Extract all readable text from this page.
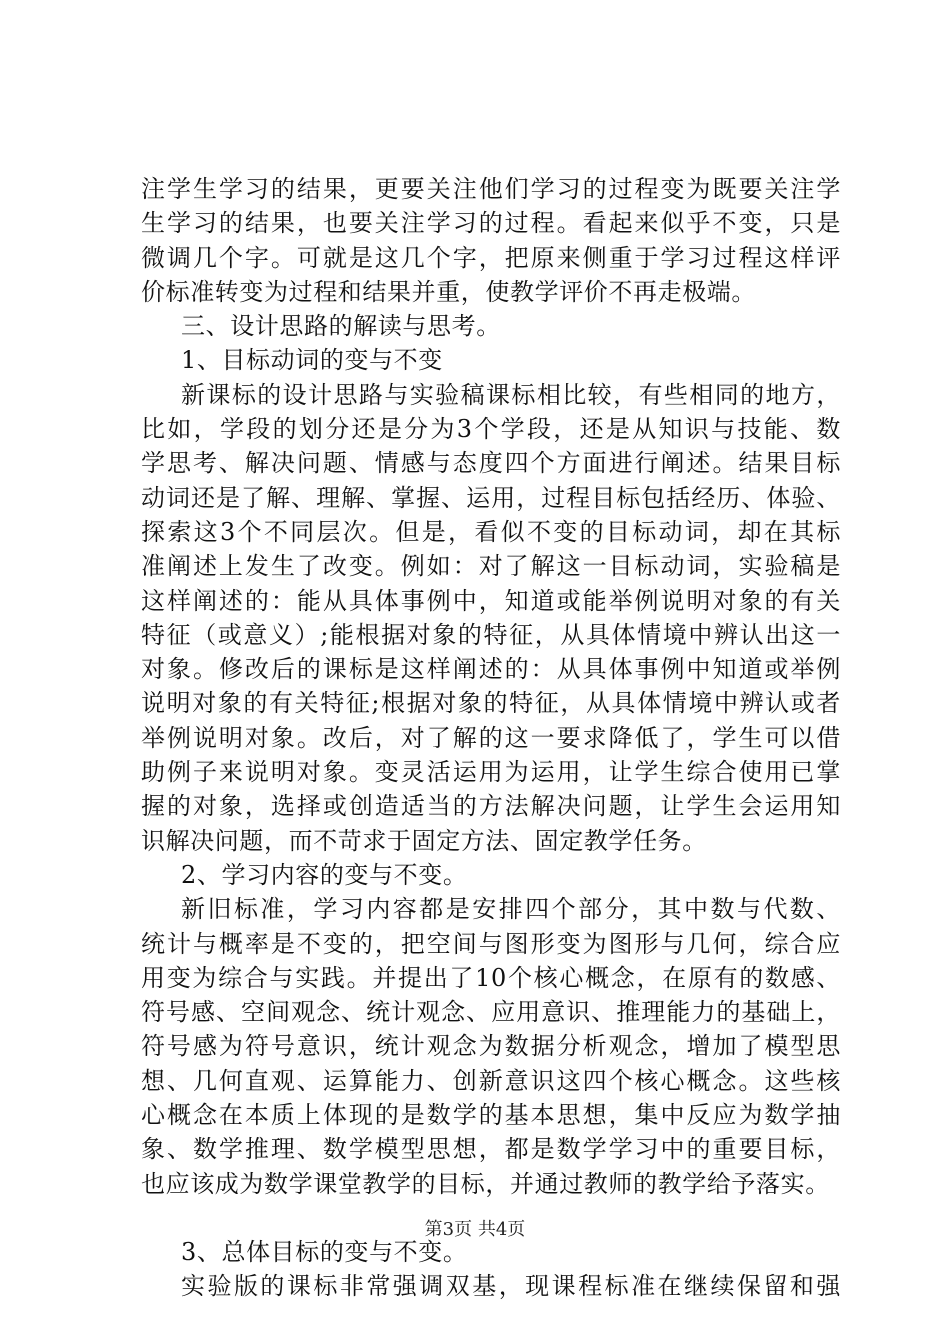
注学生学习的结果，更要关注他们学习的过程变为既要关注学
生学习的结果，也要关注学习的过程。看起来似乎不变，只是
微调几个字。可就是这几个字，把原来侧重于学习过程这样评
价标准转变为过程和结果并重，使教学评价不再走极端。
三、设计思路的解读与思考。
1、目标动词的变与不变
新课标的设计思路与实验稿课标相比较，有些相同的地方，
比如，学段的划分还是分为3个学段，还是从知识与技能、数
学思考、解决问题、情感与态度四个方面进行阐述。结果目标
动词还是了解、理解、掌握、运用，过程目标包括经历、体验、
探索这3个不同层次。但是，看似不变的目标动词，却在其标
准阐述上发生了改变。例如：对了解这一目标动词，实验稿是
这样阐述的：能从具体事例中，知道或能举例说明对象的有关
特征（或意义）;能根据对象的特征，从具体情境中辨认出这一
对象。修改后的课标是这样阐述的：从具体事例中知道或举例
说明对象的有关特征;根据对象的特征，从具体情境中辨认或者
举例说明对象。改后，对了解的这一要求降低了，学生可以借
助例子来说明对象。变灵活运用为运用，让学生综合使用已掌
握的对象，选择或创造适当的方法解决问题，让学生会运用知
识解决问题，而不苛求于固定方法、固定教学任务。
2、学习内容的变与不变。
新旧标准，学习内容都是安排四个部分，其中数与代数、
统计与概率是不变的，把空间与图形变为图形与几何，综合应
用变为综合与实践。并提出了10个核心概念，在原有的数感、
符号感、空间观念、统计观念、应用意识、推理能力的基础上，
符号感为符号意识，统计观念为数据分析观念，增加了模型思
想、几何直观、运算能力、创新意识这四个核心概念。这些核
心概念在本质上体现的是数学的基本思想，集中反应为数学抽
象、数学推理、数学模型思想，都是数学学习中的重要目标，
也应该成为数学课堂教学的目标，并通过教师的教学给予落实。
3、总体目标的变与不变。
实验版的课标非常强调双基，现课程标准在继续保留和强
第3页 共4页
